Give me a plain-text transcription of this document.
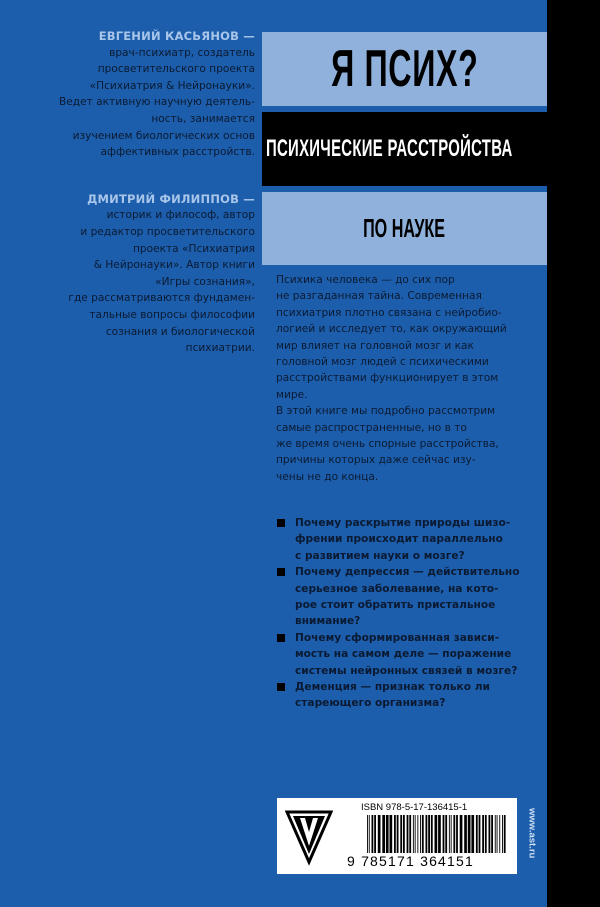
ЕВГЕНИЙ КАСЬЯНОВ —
врач-психиатр, создатель
просветительского проекта
«Психиатрия & Нейронауки».
Ведет активную научную деятель-
ность, занимается
изучением биологических основ
аффективных расстройств.
ДМИТРИЙ ФИЛИППОВ —
историк и философ, автор
и редактор просветительского
проекта «Психиатрия
& Нейронауки». Автор книги
«Игры сознания»,
где рассматриваются фундамен-
тальные вопросы философии
сознания и биологической
психиатрии.
Я ПСИХ?
ПСИХИЧЕСКИЕ РАССТРОЙСТВА
ПО НАУКЕ
Психика человека — до сих пор
не разгаданная тайна. Современная
психиатрия плотно связана с нейробио-
логией и исследует то, как окружающий
мир влияет на головной мозг и как
головной мозг людей с психическими
расстройствами функционирует в этом
мире.
В этой книге мы подробно рассмотрим
самые распространенные, но в то
же время очень спорные расстройства,
причины которых даже сейчас изу-
чены не до конца.
Почему раскрытие природы шизо-
френии происходит параллельно
с развитием науки о мозге?
Почему депрессия — действительно
серьезное заболевание, на кото-
рое стоит обратить пристальное
внимание?
Почему сформированная зависи-
мость на самом деле — поражение
системы нейронных связей в мозге?
Деменция — признак только ли
стареющего организма?
ISBN 978-5-17-136415-1
9 785171 364151
www.ast.ru
